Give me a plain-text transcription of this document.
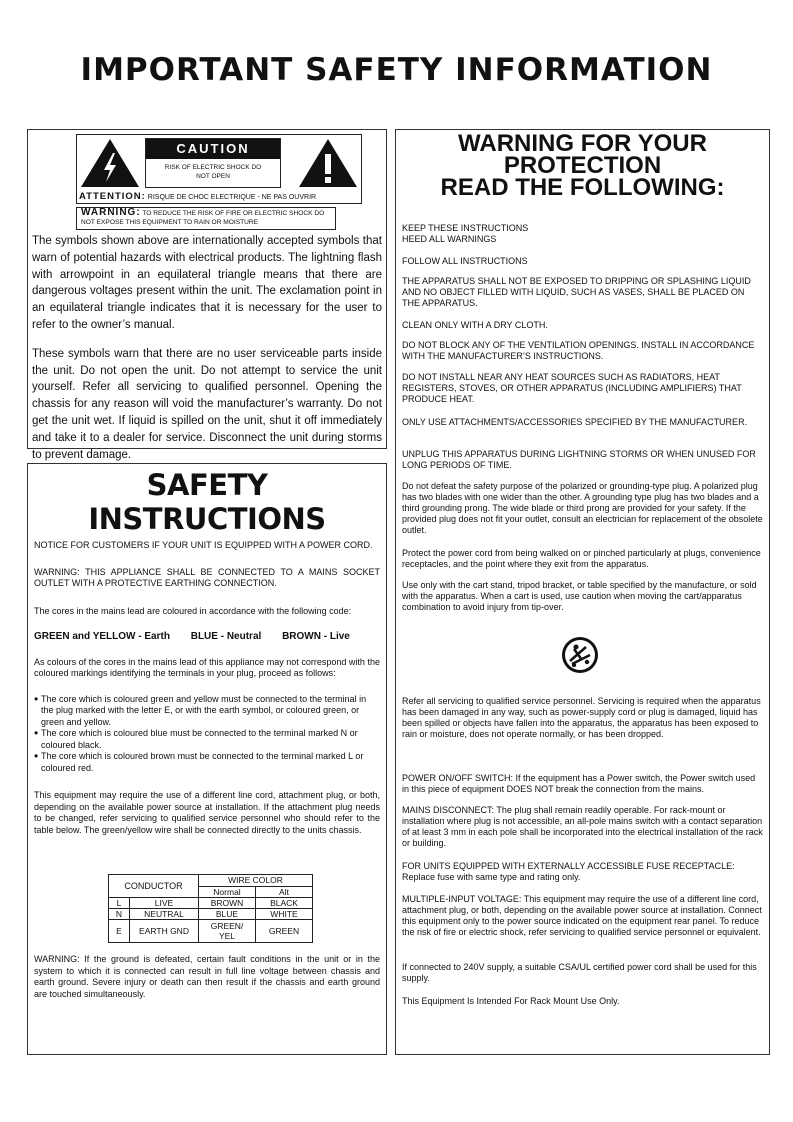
IMPORTANT SAFETY INFORMATION
CAUTION
RISK OF ELECTRIC SHOCK DO NOT OPEN
ATTENTION: RISQUE DE CHOC ELECTRIQUE - NE PAS OUVRIR
WARNING: TO REDUCE THE RISK OF FIRE OR ELECTRIC SHOCK DO NOT EXPOSE THIS EQUIPMENT TO RAIN OR MOISTURE

The symbols shown above are internationally accepted symbols that warn of potential hazards with electrical products. The lightning flash with arrowpoint in an equilateral triangle means that there are dangerous voltages present within the unit. The exclamation point in an equilateral triangle indicates that it is necessary for the user to refer to the owner’s manual.

These symbols warn that there are no user serviceable parts inside the unit. Do not open the unit. Do not attempt to service the unit yourself. Refer all servicing to qualified personnel. Opening the chassis for any reason will void the manufacturer’s warranty. Do not get the unit wet. If liquid is spilled on the unit, shut it off immediately and take it to a dealer for service. Disconnect the unit during storms to prevent damage.

SAFETY INSTRUCTIONS

NOTICE FOR CUSTOMERS IF YOUR UNIT IS EQUIPPED WITH A POWER CORD.

WARNING: THIS APPLIANCE SHALL BE CONNECTED TO A MAINS SOCKET OUTLET WITH A PROTECTIVE EARTHING CONNECTION.

The cores in the mains lead are coloured in accordance with the following code:

GREEN and YELLOW - Earth BLUE - Neutral BROWN - Live

As colours of the cores in the mains lead of this appliance may not correspond with the coloured markings identifying the terminals in your plug, proceed as follows:

• The core which is coloured green and yellow must be connected to the terminal in the plug marked with the letter E, or with the earth symbol, or coloured green, or green and yellow.
• The core which is coloured blue must be connected to the terminal marked N or coloured black.
• The core which is coloured brown must be connected to the terminal marked L or coloured red.

This equipment may require the use of a different line cord, attachment plug, or both, depending on the available power source at installation. If the attachment plug needs to be changed, refer servicing to qualified service personnel who should refer to the table below. The green/yellow wire shall be connected directly to the units chassis.

CONDUCTOR		WIRE COLOR	
		Normal	Alt
L	LIVE	BROWN	BLACK
N	NEUTRAL	BLUE	WHITE
E	EARTH GND	GREEN/ YEL	GREEN

WARNING: If the ground is defeated, certain fault conditions in the unit or in the system to which it is connected can result in full line voltage between chassis and earth ground. Severe injury or death can then result if the chassis and earth ground are touched simultaneously.

WARNING FOR YOUR PROTECTION
READ THE FOLLOWING:

KEEP THESE INSTRUCTIONS
HEED ALL WARNINGS

FOLLOW ALL INSTRUCTIONS

THE APPARATUS SHALL NOT BE EXPOSED TO DRIPPING OR SPLASHING LIQUID AND NO OBJECT FILLED WITH LIQUID, SUCH AS VASES, SHALL BE PLACED ON THE APPARATUS.

CLEAN ONLY WITH A DRY CLOTH.

DO NOT BLOCK ANY OF THE VENTILATION OPENINGS. INSTALL IN ACCORDANCE WITH THE MANUFACTURER’S INSTRUCTIONS.

DO NOT INSTALL NEAR ANY HEAT SOURCES SUCH AS RADIATORS, HEAT REGISTERS, STOVES, OR OTHER APPARATUS (INCLUDING AMPLIFIERS) THAT PRODUCE HEAT.

ONLY USE ATTACHMENTS/ACCESSORIES SPECIFIED BY THE MANUFACTURER.

UNPLUG THIS APPARATUS DURING LIGHTNING STORMS OR WHEN UNUSED FOR LONG PERIODS OF TIME.

Do not defeat the safety purpose of the polarized or grounding-type plug. A polarized plug has two blades with one wider than the other. A grounding type plug has two blades and a third grounding prong. The wide blade or third prong are provided for your safety. If the provided plug does not fit your outlet, consult an electrician for replacement of the obsolete outlet.

Protect the power cord from being walked on or pinched particularly at plugs, convenience receptacles, and the point where they exit from the apparatus.

Use only with the cart stand, tripod bracket, or table specified by the manufacture, or sold with the apparatus. When a cart is used, use caution when moving the cart/apparatus combination to avoid injury from tip-over.

Refer all servicing to qualified service personnel. Servicing is required when the apparatus has been damaged in any way, such as power-supply cord or plug is damaged, liquid has been spilled or objects have fallen into the apparatus, the apparatus has been exposed to rain or moisture, does not operate normally, or has been dropped.

POWER ON/OFF SWITCH: If the equipment has a Power switch, the Power switch used in this piece of equipment DOES NOT break the connection from the mains.

MAINS DISCONNECT: The plug shall remain readily operable. For rack-mount or installation where plug is not accessible, an all-pole mains switch with a contact separation of at least 3 mm in each pole shall be incorporated into the electrical installation of the rack or building.

FOR UNITS EQUIPPED WITH EXTERNALLY ACCESSIBLE FUSE RECEPTACLE: Replace fuse with same type and rating only.

MULTIPLE-INPUT VOLTAGE: This equipment may require the use of a different line cord, attachment plug, or both, depending on the available power source at installation. Connect this equipment only to the power source indicated on the equipment rear panel. To reduce the risk of fire or electric shock, refer servicing to qualified service personnel or equivalent.

If connected to 240V supply, a suitable CSA/UL certified power cord shall be used for this supply.

This Equipment Is Intended For Rack Mount Use Only.
